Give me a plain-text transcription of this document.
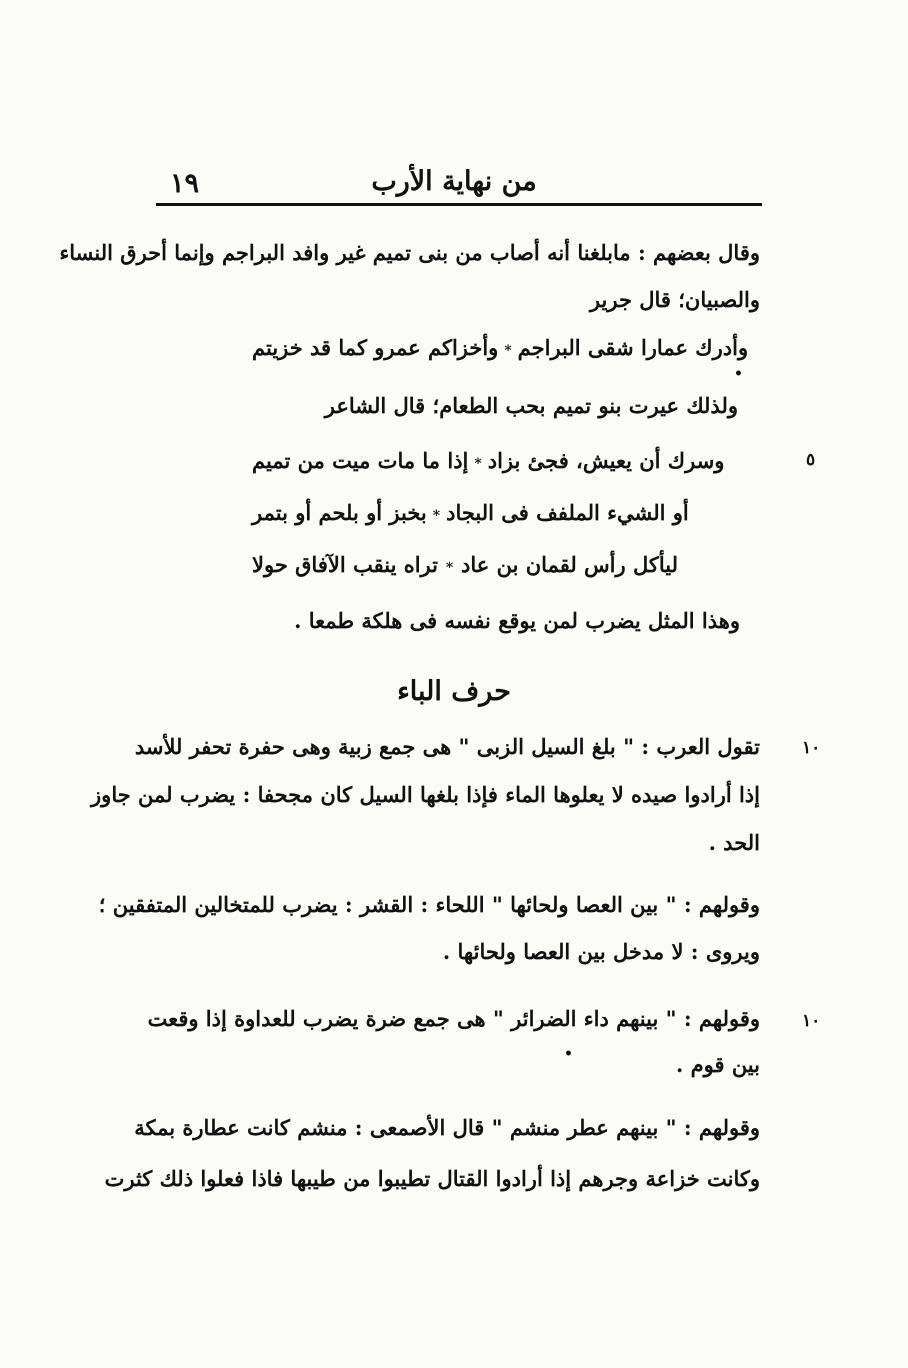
من نهاية الأرب
١٩
وقال بعضهم : مابلغنا أنه أصاب من بنى تميم غير وافد البراجم وإنما أحرق النساء
والصبيان؛ قال جرير
وأخزاكم عمرو كما قد خزيتم * وأدرك عمارا شقى البراجم
•
ولذلك عيرت بنو تميم بحب الطعام؛ قال الشاعر
إذا ما مات ميت من تميم * وسرك أن يعيش، فجئ بزاد	٥
بخبز أو بلحم أو بتمر * أو الشيء الملفف فى البجاد
تراه ينقب الآفاق حولا * ليأكل رأس لقمان بن عاد
وهذا المثل يضرب لمن يوقع نفسه فى هلكة طمعا .
حرف الباء
تقول العرب : " بلغ السيل الزبى " هى جمع زبية وهى حفرة تحفر للأسد ١٠
إذا أرادوا صيده لا يعلوها الماء فإذا بلغها السيل كان مجحفا : يضرب لمن جاوز
الحد .
وقولهم : " بين العصا ولحائها " اللحاء : القشر : يضرب للمتخالين المتفقين ؛
ويروى : لا مدخل بين العصا ولحائها .
وقولهم : " بينهم داء الضرائر " هى جمع ضرة يضرب للعداوة إذا وقعت ١٠
بين قوم .
•
وقولهم : " بينهم عطر منشم " قال الأصمعى : منشم كانت عطارة بمكة
وكانت خزاعة وجرهم إذا أرادوا القتال تطيبوا من طيبها فاذا فعلوا ذلك كثرت
